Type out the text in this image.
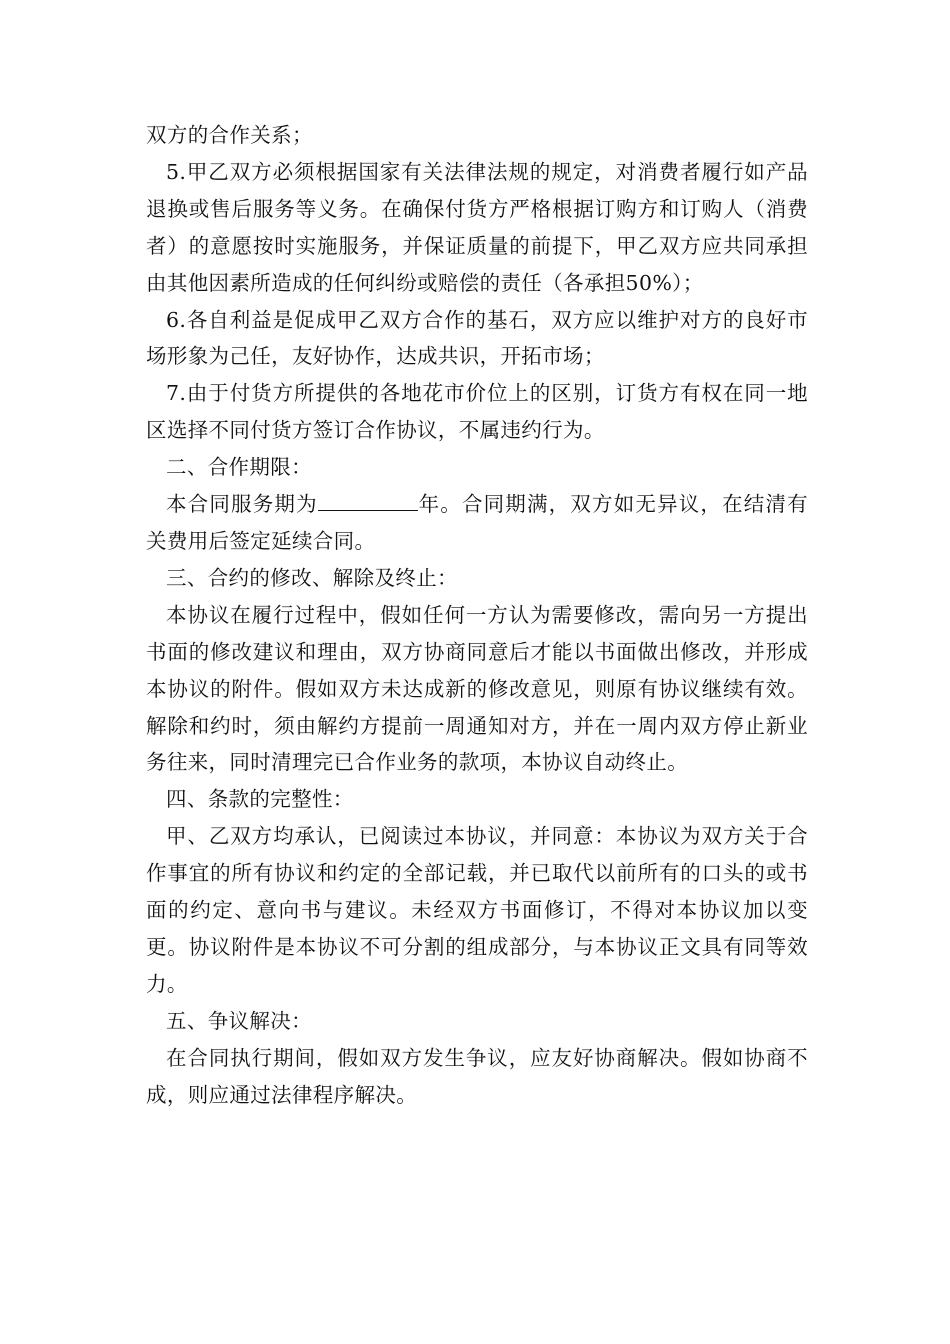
双方的合作关系；

5.甲乙双方必须根据国家有关法律法规的规定，对消费者履行如产品退换或售后服务等义务。在确保付货方严格根据订购方和订购人（消费者）的意愿按时实施服务，并保证质量的前提下，甲乙双方应共同承担由其他因素所造成的任何纠纷或赔偿的责任（各承担50%）；

6.各自利益是促成甲乙双方合作的基石，双方应以维护对方的良好市场形象为己任，友好协作，达成共识，开拓市场；

7.由于付货方所提供的各地花市价位上的区别，订货方有权在同一地区选择不同付货方签订合作协议，不属违约行为。

二、合作期限：

本合同服务期为	年。合同期满，双方如无异议，在结清有关费用后签定延续合同。

三、合约的修改、解除及终止：

本协议在履行过程中，假如任何一方认为需要修改，需向另一方提出书面的修改建议和理由，双方协商同意后才能以书面做出修改，并形成本协议的附件。假如双方未达成新的修改意见，则原有协议继续有效。解除和约时，须由解约方提前一周通知对方，并在一周内双方停止新业务往来，同时清理完已合作业务的款项，本协议自动终止。

四、条款的完整性：

甲、乙双方均承认，已阅读过本协议，并同意：本协议为双方关于合作事宜的所有协议和约定的全部记载，并已取代以前所有的口头的或书面的约定、意向书与建议。未经双方书面修订，不得对本协议加以变更。协议附件是本协议不可分割的组成部分，与本协议正文具有同等效力。

五、争议解决：

在合同执行期间，假如双方发生争议，应友好协商解决。假如协商不成，则应通过法律程序解决。
